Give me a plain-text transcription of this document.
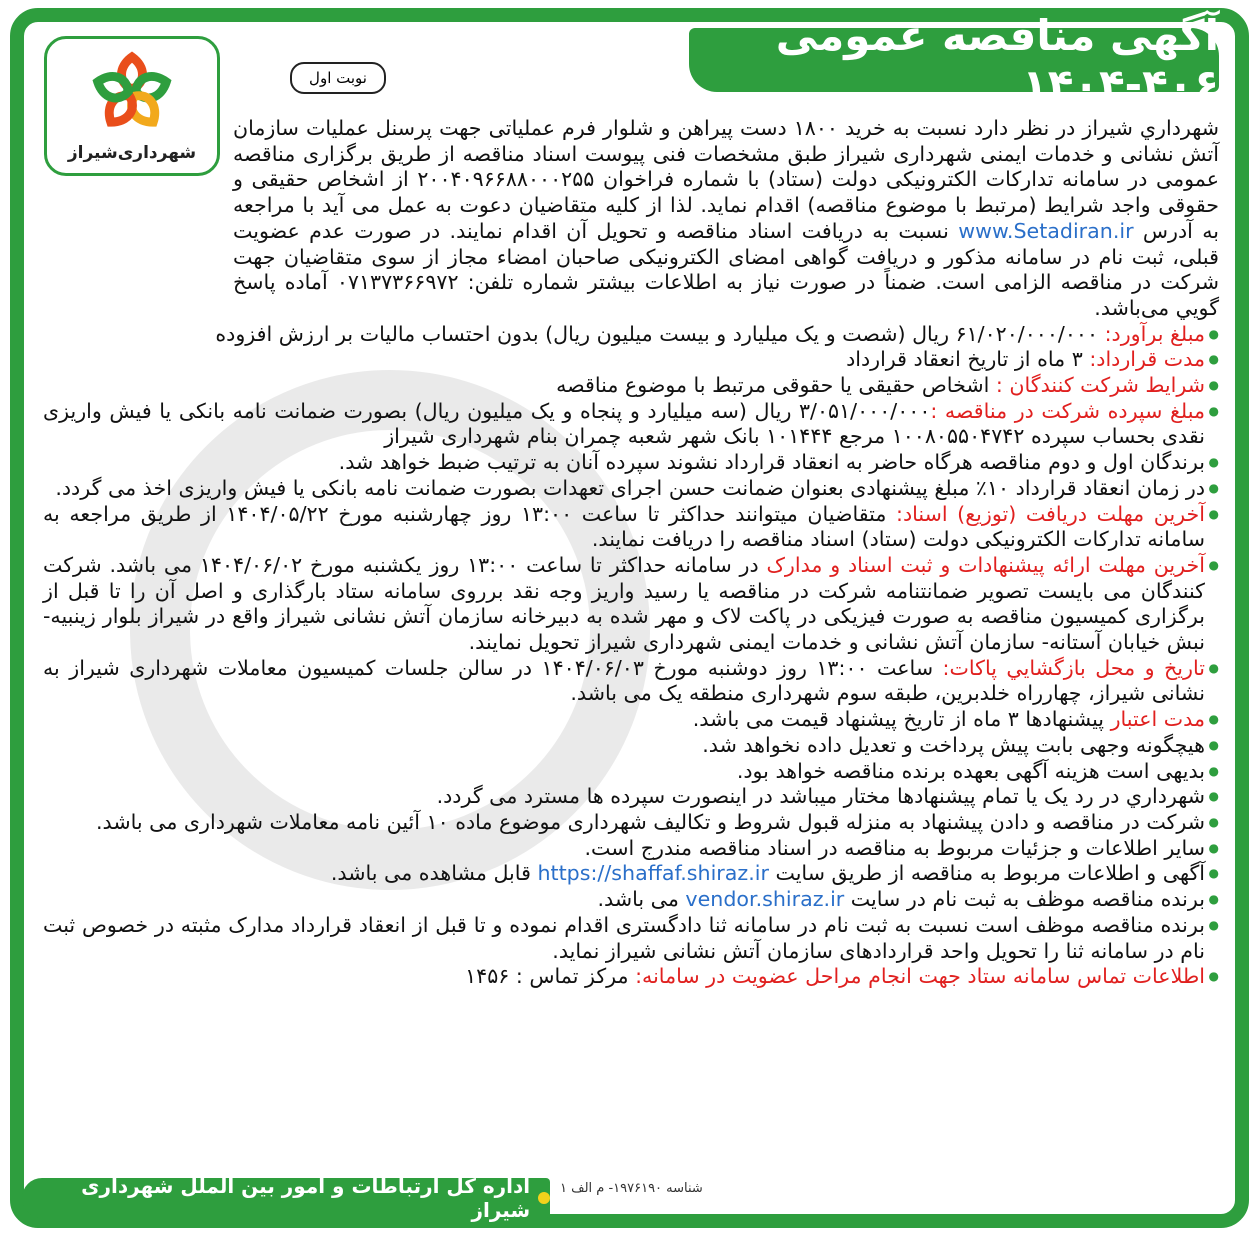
شهرداری‌شیراز
آگهی مناقصه عمومی ۴۰۶-۱۴۰۴
نوبت اول

شهرداري شيراز در نظر دارد نسبت به خريد ۱۸۰۰ دست پيراهن و شلوار فرم عملياتی جهت پرسنل عمليات سازمان آتش نشانی و خدمات ايمنی شهرداری شيراز طبق مشخصات فنی پيوست اسناد مناقصه از طريق برگزاری مناقصه عمومی در سامانه تداركات الكترونيكی دولت (ستاد) با شماره فراخوان ۲۰۰۴۰۹۶۶۸۸۰۰۰۲۵۵ از اشخاص حقيقی و حقوقی واجد شرايط (مرتبط با موضوع مناقصه) اقدام نمايد. لذا از كليه متقاضيان دعوت به عمل می آيد با مراجعه به آدرس www.Setadiran.ir نسبت به دريافت اسناد مناقصه و تحويل آن اقدام نمايند. در صورت عدم عضويت قبلی، ثبت نام در سامانه مذكور و دريافت گواهی امضای الكترونيكی صاحبان امضاء مجاز از سوی متقاضيان جهت شركت در مناقصه الزامی است. ضمناً در صورت نياز به اطلاعات بيشتر شماره تلفن: ۰۷۱۳۷۳۶۶۹۷۲ آماده پاسخ گويي می‌باشد.

● مبلغ برآورد: ۶۱/۰۲۰/۰۰۰/۰۰۰ ريال (شصت و يک ميليارد و بيست ميليون ريال) بدون احتساب ماليات بر ارزش افزوده

● مدت قرارداد: ۳ ماه از تاريخ انعقاد قرارداد

● شرايط شركت كنندگان : اشخاص حقيقی يا حقوقی مرتبط با موضوع مناقصه

● مبلغ سپرده شركت در مناقصه :۳/۰۵۱/۰۰۰/۰۰۰ ريال (سه ميليارد و پنجاه و يک ميليون ريال) بصورت ضمانت نامه بانكی يا فيش واريزی نقدی بحساب سپرده ۱۰۰۸۰۵۵۰۴۷۴۲ مرجع ۱۰۱۴۴۴ بانک شهر شعبه چمران بنام شهرداری شيراز

● برندگان اول و دوم مناقصه هرگاه حاضر به انعقاد قرارداد نشوند سپرده آنان به ترتيب ضبط خواهد شد.

● در زمان انعقاد قرارداد ۱۰٪ مبلغ پيشنهادی بعنوان ضمانت حسن اجرای تعهدات بصورت ضمانت نامه بانكی يا فيش واريزی اخذ می گردد.

● آخرين مهلت دريافت (توزيع) اسناد: متقاضيان ميتوانند حداكثر تا ساعت ۱۳:۰۰ روز چهارشنبه مورخ ۱۴۰۴/۰۵/۲۲ از طريق مراجعه به سامانه تداركات الكترونيكی دولت (ستاد) اسناد مناقصه را دريافت نمايند.

● آخرين مهلت ارائه پيشنهادات و ثبت اسناد و مدارک در سامانه حداكثر تا ساعت ۱۳:۰۰ روز يكشنبه مورخ ۱۴۰۴/۰۶/۰۲ می باشد. شركت كنندگان می بايست تصوير ضمانتنامه شركت در مناقصه يا رسيد واريز وجه نقد برروی سامانه ستاد بارگذاری و اصل آن را تا قبل از برگزاری كميسيون مناقصه به صورت فيزيكی در پاكت لاک و مهر شده به دبيرخانه سازمان آتش نشانی شيراز واقع در شيراز بلوار زينبيه- نبش خيابان آستانه- سازمان آتش نشانی و خدمات ايمنی شهرداری شيراز تحويل نمايند.

● تاريخ و محل بازگشايي پاكات: ساعت ۱۳:۰۰ روز دوشنبه مورخ ۱۴۰۴/۰۶/۰۳ در سالن جلسات كميسيون معاملات شهرداری شيراز به نشانی شيراز، چهارراه خلدبرين، طبقه سوم شهرداری منطقه يک می باشد.

● مدت اعتبار پيشنهادها ۳ ماه از تاريخ پيشنهاد قيمت می باشد.

● هيچگونه وجهی بابت پيش پرداخت و تعديل داده نخواهد شد.

● بديهی است هزينه آگهی بعهده برنده مناقصه خواهد بود.

● شهرداري در رد يک يا تمام پيشنهادها مختار ميباشد در اينصورت سپرده ها مسترد می گردد.

● شركت در مناقصه و دادن پيشنهاد به منزله قبول شروط و تكاليف شهرداری موضوع ماده ۱۰ آئين نامه معاملات شهرداری می باشد.

● ساير اطلاعات و جزئيات مربوط به مناقصه در اسناد مناقصه مندرج است.

● آگهی و اطلاعات مربوط به مناقصه از طريق سايت https://shaffaf.shiraz.ir قابل مشاهده می باشد.

● برنده مناقصه موظف به ثبت نام در سايت vendor.shiraz.ir می باشد.

● برنده مناقصه موظف است نسبت به ثبت نام در سامانه ثنا دادگستری اقدام نموده و تا قبل از انعقاد قرارداد مدارک مثبته در خصوص ثبت نام در سامانه ثنا را تحويل واحد قراردادهای سازمان آتش نشانی شيراز نمايد.

● اطلاعات تماس سامانه ستاد جهت انجام مراحل عضويت در سامانه: مركز تماس : ۱۴۵۶

شناسه ۱۹۷۶۱۹۰- م الف ۱
اداره كل ارتباطات و امور بين الملل شهرداری شيراز
